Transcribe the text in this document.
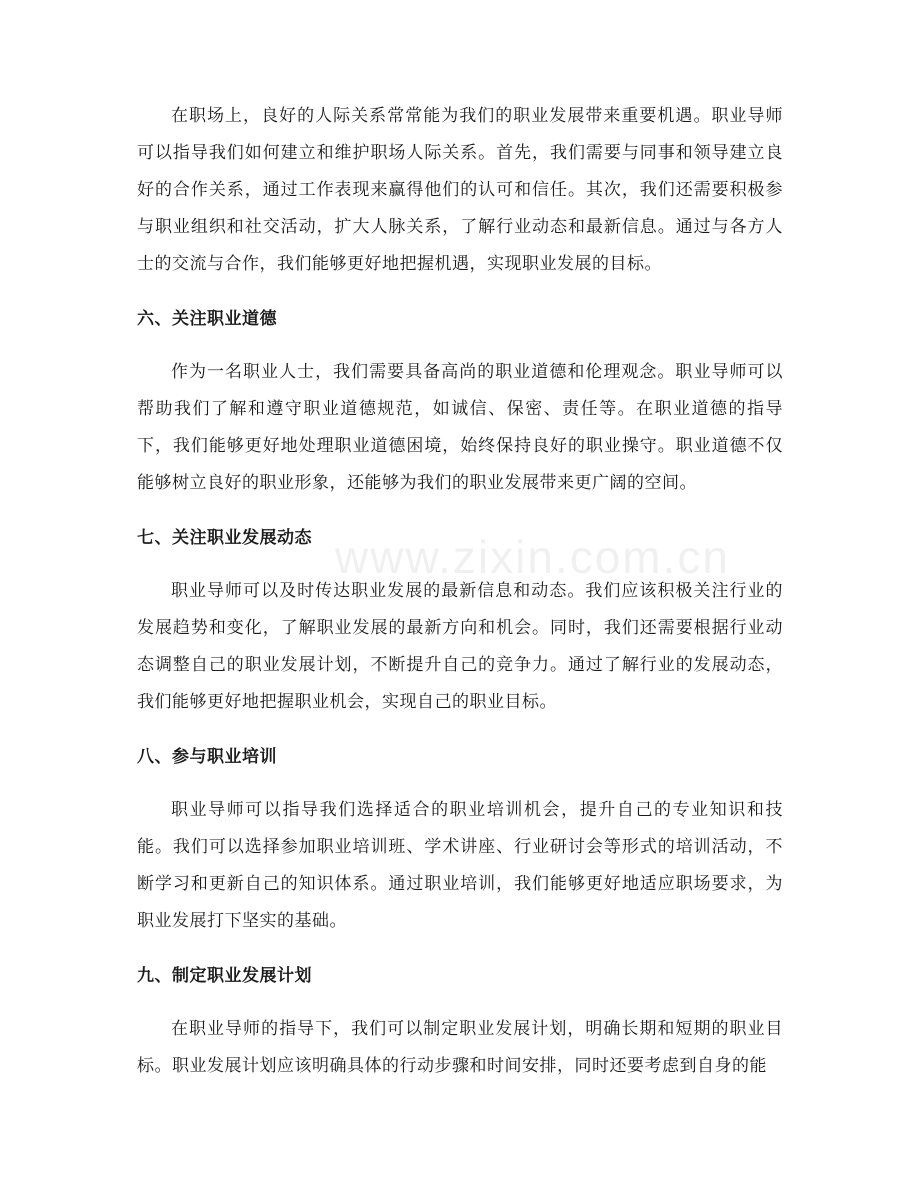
www.zixin.com.cn

在职场上，良好的人际关系常常能为我们的职业发展带来重要机遇。职业导师可以指导我们如何建立和维护职场人际关系。首先，我们需要与同事和领导建立良好的合作关系，通过工作表现来赢得他们的认可和信任。其次，我们还需要积极参与职业组织和社交活动，扩大人脉关系，了解行业动态和最新信息。通过与各方人士的交流与合作，我们能够更好地把握机遇，实现职业发展的目标。

六、关注职业道德

作为一名职业人士，我们需要具备高尚的职业道德和伦理观念。职业导师可以帮助我们了解和遵守职业道德规范，如诚信、保密、责任等。在职业道德的指导下，我们能够更好地处理职业道德困境，始终保持良好的职业操守。职业道德不仅能够树立良好的职业形象，还能够为我们的职业发展带来更广阔的空间。

七、关注职业发展动态

职业导师可以及时传达职业发展的最新信息和动态。我们应该积极关注行业的发展趋势和变化，了解职业发展的最新方向和机会。同时，我们还需要根据行业动态调整自己的职业发展计划，不断提升自己的竞争力。通过了解行业的发展动态，我们能够更好地把握职业机会，实现自己的职业目标。

八、参与职业培训

职业导师可以指导我们选择适合的职业培训机会，提升自己的专业知识和技能。我们可以选择参加职业培训班、学术讲座、行业研讨会等形式的培训活动，不断学习和更新自己的知识体系。通过职业培训，我们能够更好地适应职场要求，为职业发展打下坚实的基础。

九、制定职业发展计划

在职业导师的指导下，我们可以制定职业发展计划，明确长期和短期的职业目标。职业发展计划应该明确具体的行动步骤和时间安排，同时还要考虑到自身的能
